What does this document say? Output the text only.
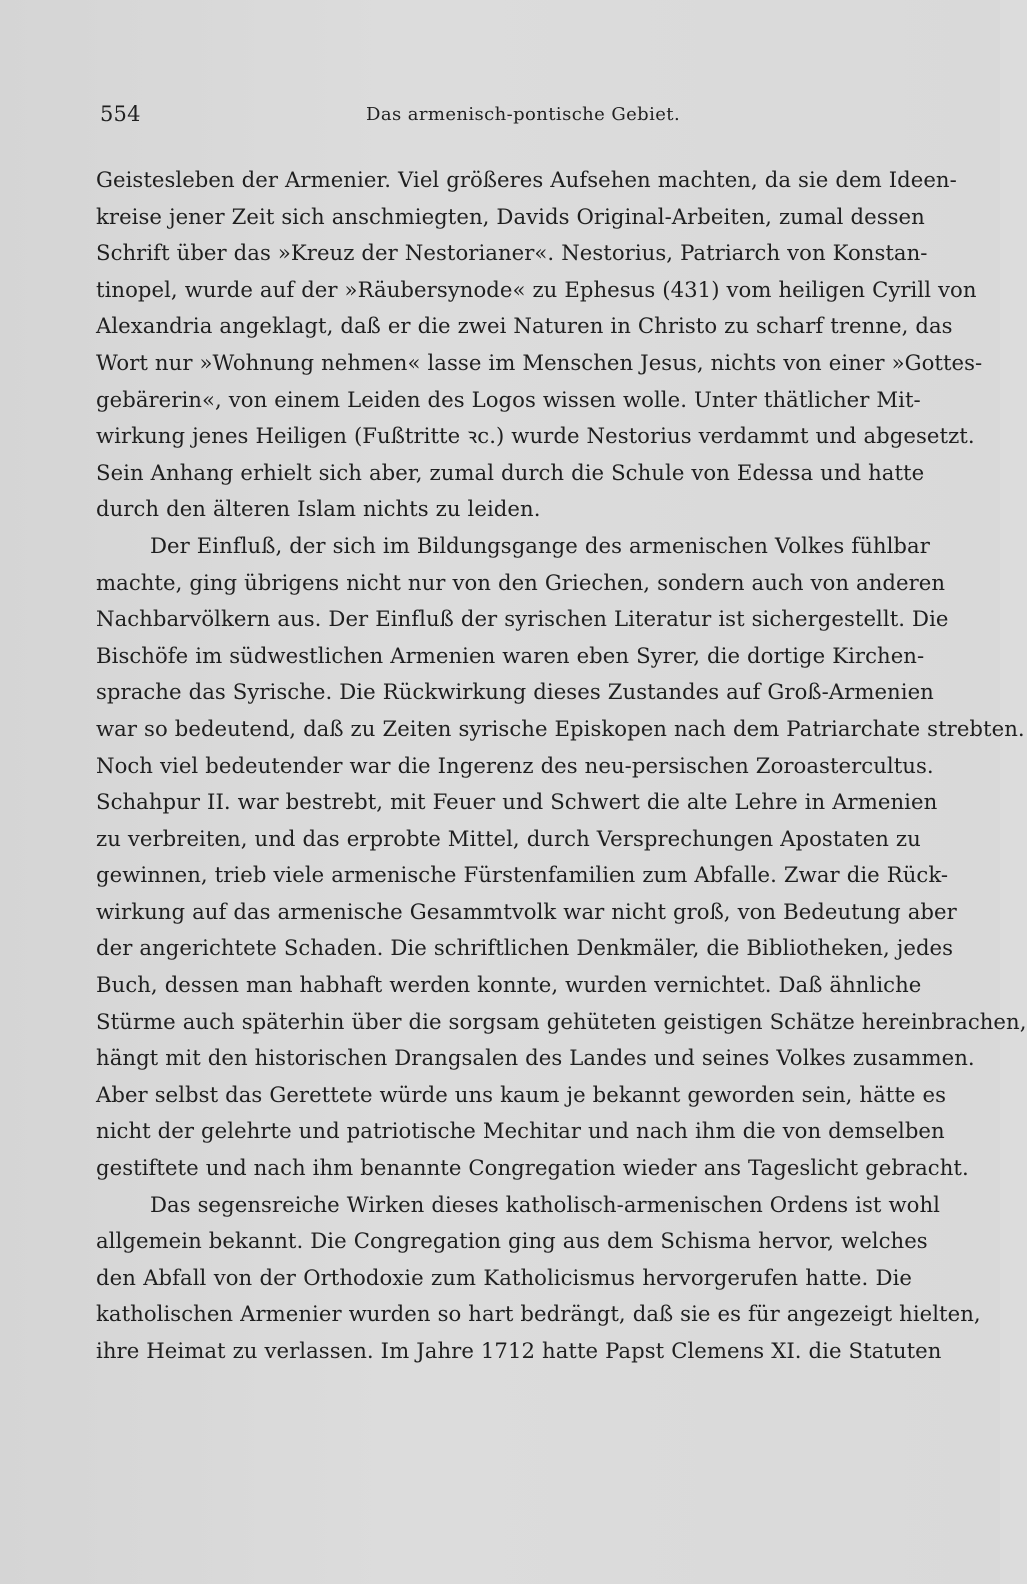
554	Das armenisch-pontische Gebiet.
Geistesleben der Armenier. Viel größeres Aufsehen machten, da sie dem Ideen-
kreise jener Zeit sich anschmiegten, Davids Original-Arbeiten, zumal dessen
Schrift über das »Kreuz der Nestorianer«. Nestorius, Patriarch von Konstan-
tinopel, wurde auf der »Räubersynode« zu Ephesus (431) vom heiligen Cyrill von
Alexandria angeklagt, daß er die zwei Naturen in Christo zu scharf trenne, das
Wort nur »Wohnung nehmen« lasse im Menschen Jesus, nichts von einer »Gottes-
gebärerin«, von einem Leiden des Logos wissen wolle. Unter thätlicher Mit-
wirkung jenes Heiligen (Fußtritte ꝛc.) wurde Nestorius verdammt und abgesetzt.
Sein Anhang erhielt sich aber, zumal durch die Schule von Edessa und hatte
durch den älteren Islam nichts zu leiden.
Der Einfluß, der sich im Bildungsgange des armenischen Volkes fühlbar
machte, ging übrigens nicht nur von den Griechen, sondern auch von anderen
Nachbarvölkern aus. Der Einfluß der syrischen Literatur ist sichergestellt. Die
Bischöfe im südwestlichen Armenien waren eben Syrer, die dortige Kirchen-
sprache das Syrische. Die Rückwirkung dieses Zustandes auf Groß-Armenien
war so bedeutend, daß zu Zeiten syrische Episkopen nach dem Patriarchate strebten.
Noch viel bedeutender war die Ingerenz des neu-persischen Zoroastercultus.
Schahpur II. war bestrebt, mit Feuer und Schwert die alte Lehre in Armenien
zu verbreiten, und das erprobte Mittel, durch Versprechungen Apostaten zu
gewinnen, trieb viele armenische Fürstenfamilien zum Abfalle. Zwar die Rück-
wirkung auf das armenische Gesammtvolk war nicht groß, von Bedeutung aber
der angerichtete Schaden. Die schriftlichen Denkmäler, die Bibliotheken, jedes
Buch, dessen man habhaft werden konnte, wurden vernichtet. Daß ähnliche
Stürme auch späterhin über die sorgsam gehüteten geistigen Schätze hereinbrachen,
hängt mit den historischen Drangsalen des Landes und seines Volkes zusammen.
Aber selbst das Gerettete würde uns kaum je bekannt geworden sein, hätte es
nicht der gelehrte und patriotische Mechitar und nach ihm die von demselben
gestiftete und nach ihm benannte Congregation wieder ans Tageslicht gebracht.
Das segensreiche Wirken dieses katholisch-armenischen Ordens ist wohl
allgemein bekannt. Die Congregation ging aus dem Schisma hervor, welches
den Abfall von der Orthodoxie zum Katholicismus hervorgerufen hatte. Die
katholischen Armenier wurden so hart bedrängt, daß sie es für angezeigt hielten,
ihre Heimat zu verlassen. Im Jahre 1712 hatte Papst Clemens XI. die Statuten
